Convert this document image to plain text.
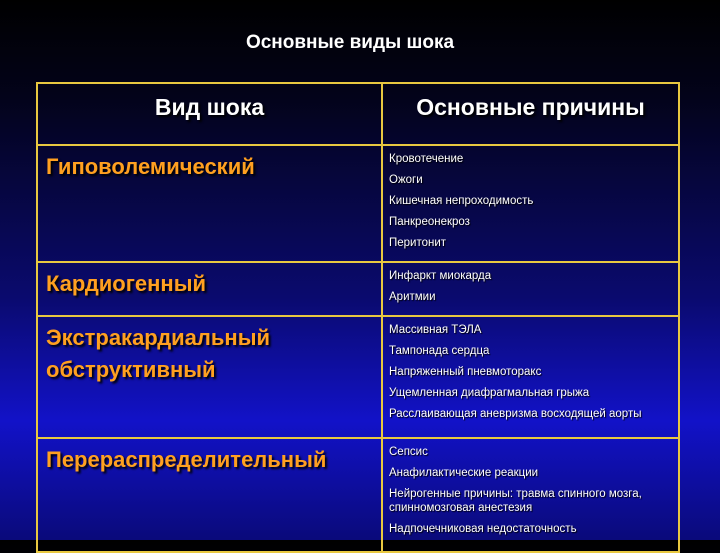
Основные виды шока
Вид шока	Основные причины
Гиповолемический	Кровотечение
Ожоги
Кишечная непроходимость
Панкреонекроз
Перитонит

Кардиогенный	Инфаркт миокарда
Аритмии

Экстракардиальный обструктивный	Массивная ТЭЛА
Тампонада сердца
Напряженный пневмоторакс
Ущемленная диафрагмальная грыжа
Расслаивающая аневризма восходящей аорты

Перераспределительный	Сепсис
Анафилактические реакции
Нейрогенные причины: травма спинного мозга, спинномозговая анестезия
Надпочечниковая недостаточность
